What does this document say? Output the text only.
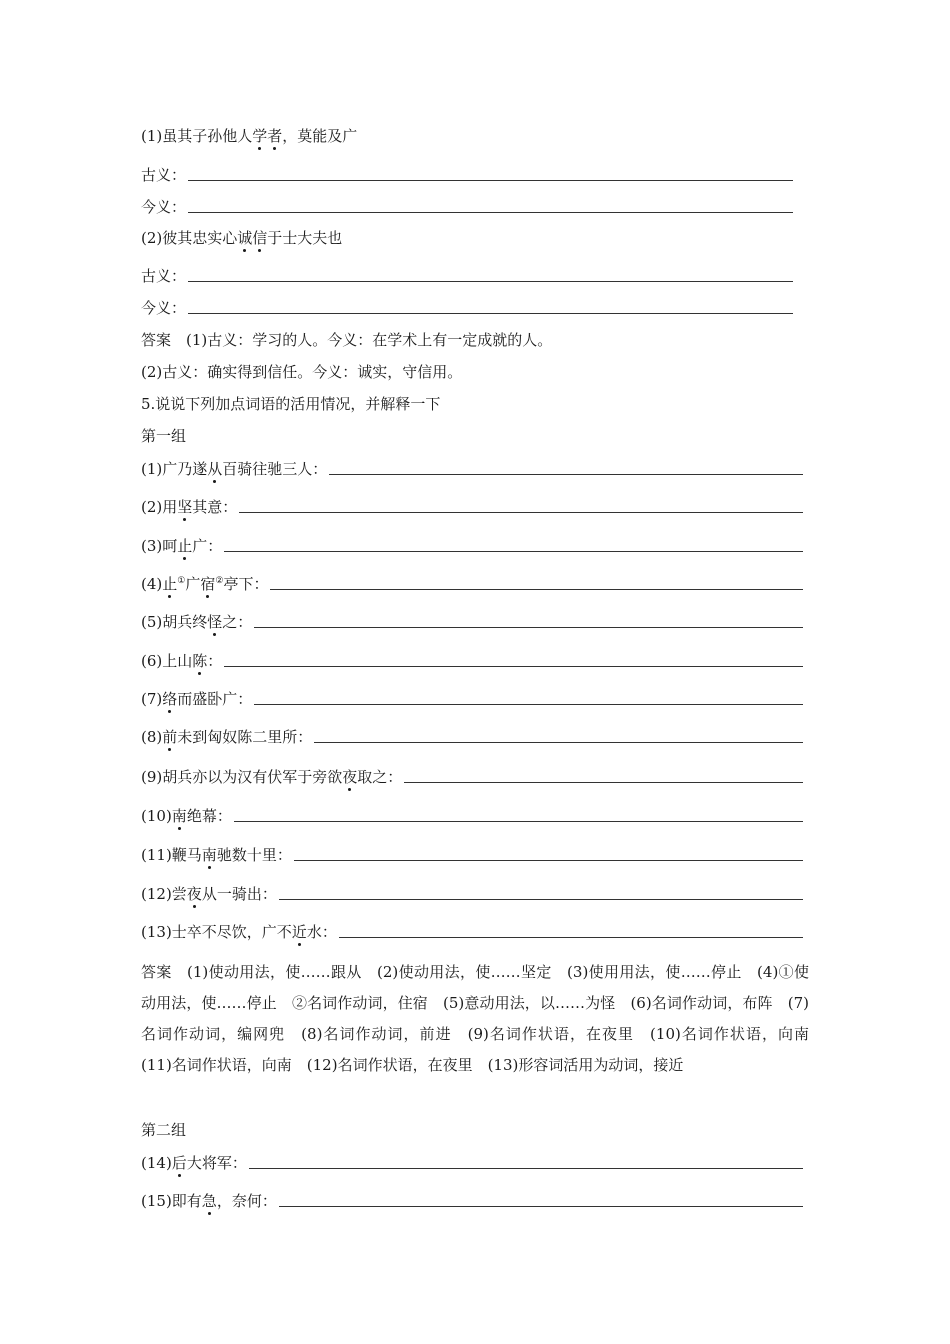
(1)虽其子孙他人学者，莫能及广
古义：
今义：
(2)彼其忠实心诚信于士大夫也
古义：
今义：
答案　(1)古义：学习的人。今义：在学术上有一定成就的人。
(2)古义：确实得到信任。今义：诚实，守信用。
5.说说下列加点词语的活用情况，并解释一下
第一组
(1)广乃遂从百骑往驰三人：
(2)用坚其意：
(3)呵止广：
(4)止①广宿②亭下：
(5)胡兵终怪之：
(6)上山陈：
(7)络而盛卧广：
(8)前未到匈奴陈二里所：
(9)胡兵亦以为汉有伏军于旁欲夜取之：
(10)南绝幕：
(11)鞭马南驰数十里：
(12)尝夜从一骑出：
(13)士卒不尽饮，广不近水：
答案　(1)使动用法，使……跟从　(2)使动用法，使……坚定　(3)使用用法，使……停止　(4)①使动用法，使……停止　②名词作动词，住宿　(5)意动用法，以……为怪　(6)名词作动词，布阵　(7)名词作动词，编网兜　(8)名词作动词，前进　(9)名词作状语，在夜里　(10)名词作状语，向南　(11)名词作状语，向南　(12)名词作状语，在夜里　(13)形容词活用为动词，接近
第二组
(14)后大将军：
(15)即有急，奈何：
